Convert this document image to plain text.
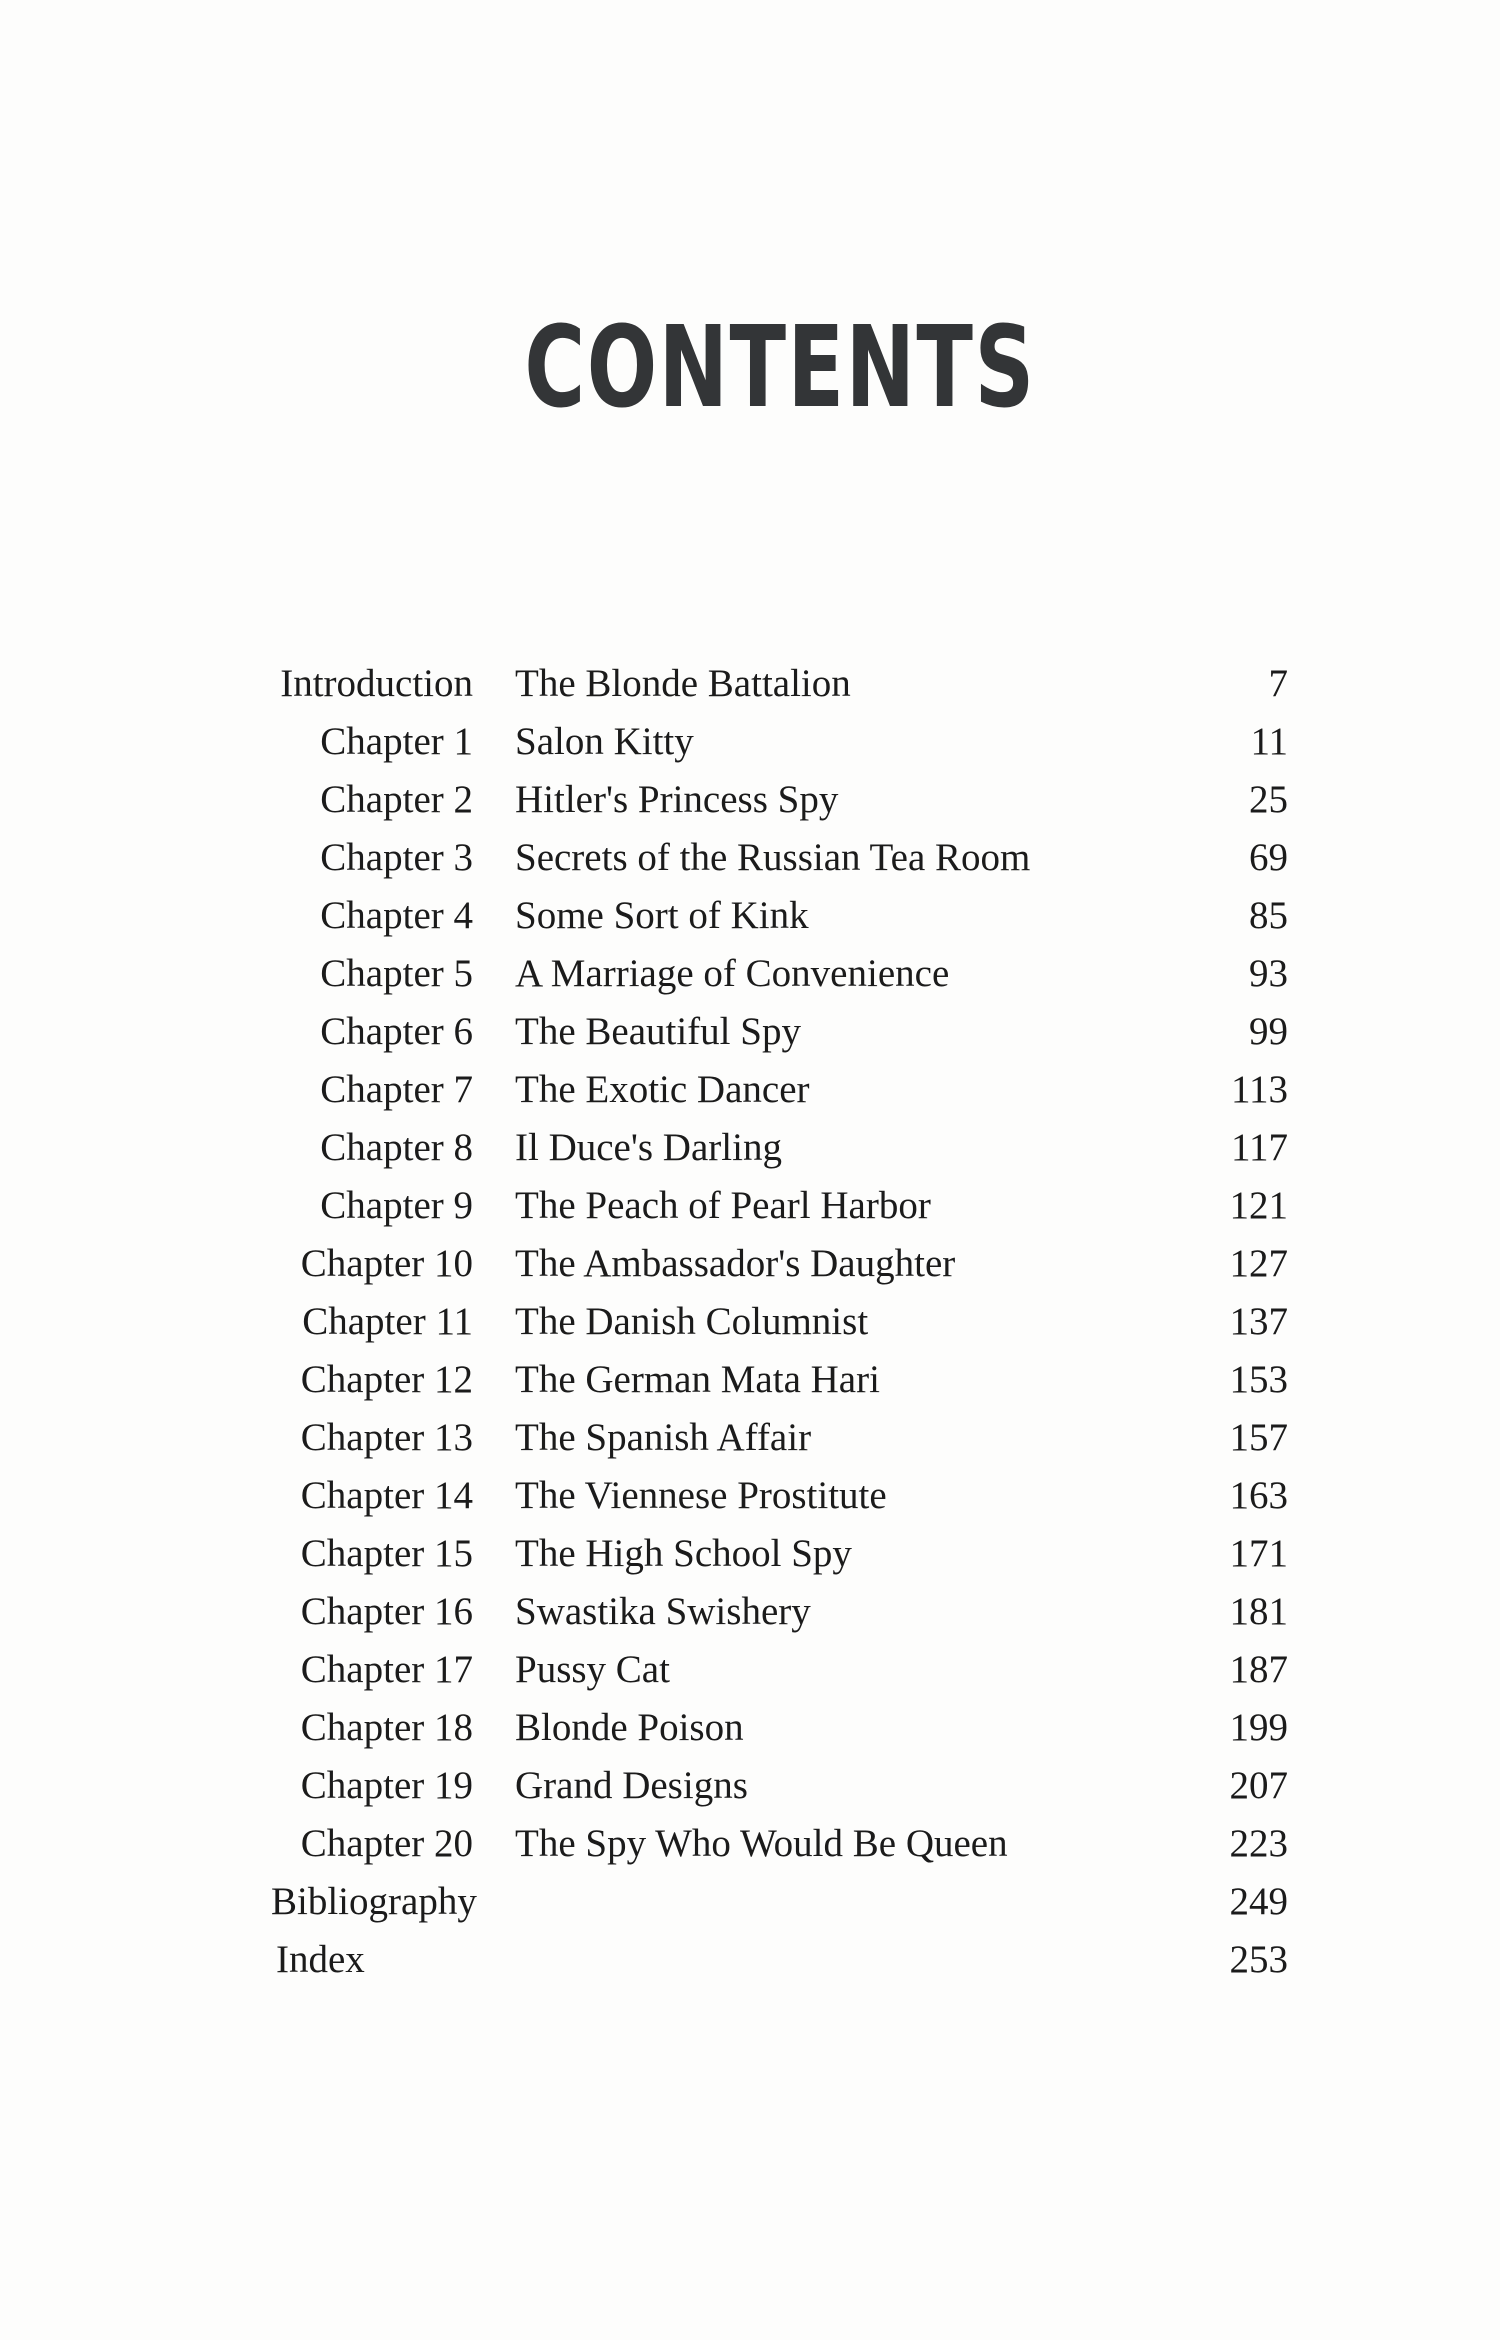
CONTENTS
Introduction The Blonde Battalion	7
Chapter 1 Salon Kitty	11
Chapter 2 Hitler's Princess Spy	25
Chapter 3 Secrets of the Russian Tea Room	69
Chapter 4 Some Sort of Kink	85
Chapter 5 A Marriage of Convenience	93
Chapter 6 The Beautiful Spy	99
Chapter 7 The Exotic Dancer	113
Chapter 8 Il Duce's Darling	117
Chapter 9 The Peach of Pearl Harbor	121
Chapter 10 The Ambassador's Daughter	127
Chapter 11 The Danish Columnist	137
Chapter 12 The German Mata Hari	153
Chapter 13 The Spanish Affair	157
Chapter 14 The Viennese Prostitute	163
Chapter 15 The High School Spy	171
Chapter 16 Swastika Swishery	181
Chapter 17 Pussy Cat	187
Chapter 18 Blonde Poison	199
Chapter 19 Grand Designs	207
Chapter 20 The Spy Who Would Be Queen	223
Bibliography	249
Index	253
